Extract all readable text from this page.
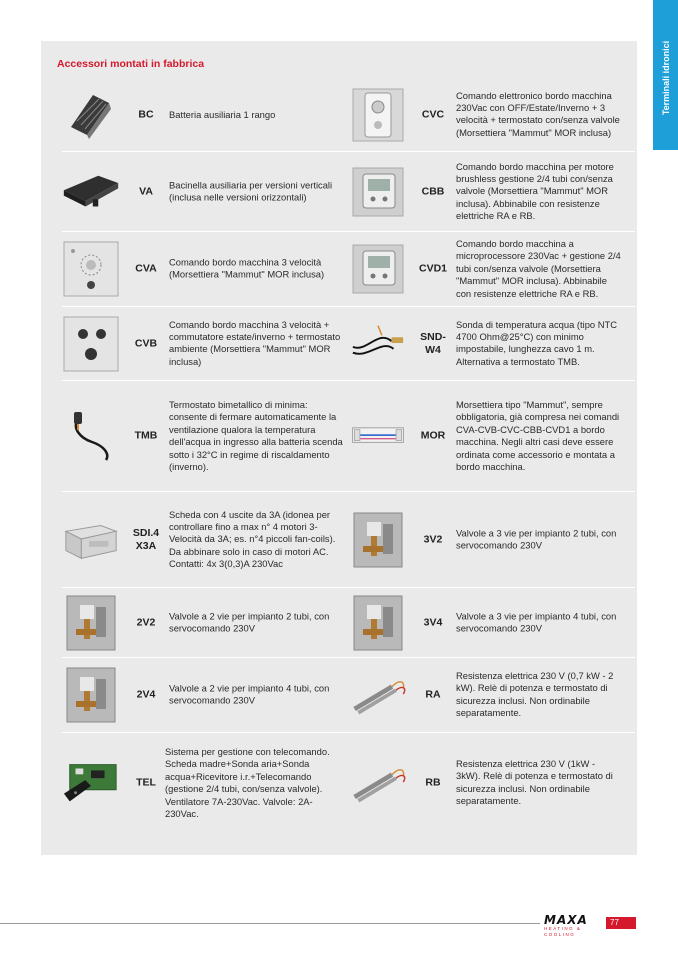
Terminali idronici
Accessori montati in fabbrica
BC	Batteria ausiliaria 1 rango	CVC
Comando elettronico bordo macchina 230Vac con OFF/Estate/Inverno + 3 velocità + termostato con/senza valvole (Morsettiera "Mammut" MOR inclusa)
VA
Bacinella ausiliaria per versioni verticali (inclusa nelle versioni orizzontali)
CBB
Comando bordo macchina per motore brushless gestione 2/4 tubi con/senza valvole (Morsettiera "Mammut" MOR inclusa). Abbinabile con resistenze elettriche RA e RB.
CVA
Comando bordo macchina 3 velocità (Morsettiera "Mammut" MOR inclusa)
CVD1
Comando bordo macchina a microprocessore 230Vac + gestione 2/4 tubi con/senza valvole (Morsettiera "Mammut" MOR inclusa). Abbinabile con resistenze elettriche RA e RB.
CVB
Comando bordo macchina 3 velocità + commutatore estate/inverno + termostato ambiente (Morsettiera "Mammut" MOR inclusa)
SND-W4
Sonda di temperatura acqua (tipo NTC 4700 Ohm@25°C) con minimo impostabile, lunghezza cavo 1 m. Alternativa a termostato TMB.
TMB
Termostato bimetallico di minima: consente di fermare automaticamente la ventilazione qualora la temperatura dell'acqua in ingresso alla batteria scenda sotto i 32°C in regime di riscaldamento (inverno).
MOR
Morsettiera tipo "Mammut", sempre obbligatoria, già compresa nei comandi CVA-CVB-CVC-CBB-CVD1 a bordo macchina. Negli altri casi deve essere ordinata come accessorio e montata a bordo macchina.
SDI.4 X3A
Scheda con 4 uscite da 3A (idonea per controllare fino a max n° 4 motori 3-Velocità da 3A; es. n°4 piccoli fan-coils). Da abbinare solo in caso di motori AC. Contatti: 4x 3(0,3)A 230Vac
3V2
Valvole a 3 vie per impianto 2 tubi, con servocomando 230V
2V2
Valvole a 2 vie per impianto 2 tubi, con servocomando 230V
3V4
Valvole a 3 vie per impianto 4 tubi, con servocomando 230V
2V4
Valvole a 2 vie per impianto 4 tubi, con servocomando 230V
RA
Resistenza elettrica 230 V (0,7 kW - 2 kW). Relè di potenza e termostato di sicurezza inclusi. Non ordinabile separatamente.
TEL
Sistema per gestione con telecomando. Scheda madre+Sonda aria+Sonda acqua+Ricevitore i.r.+Telecomando (gestione 2/4 tubi, con/senza valvole). Ventilatore 7A-230Vac. Valvole: 2A-230Vac.
RB
Resistenza elettrica 230 V (1kW - 3kW). Relè di potenza e termostato di sicurezza inclusi. Non ordinabile separatamente.
MAXA
HEATING & COOLING
77
